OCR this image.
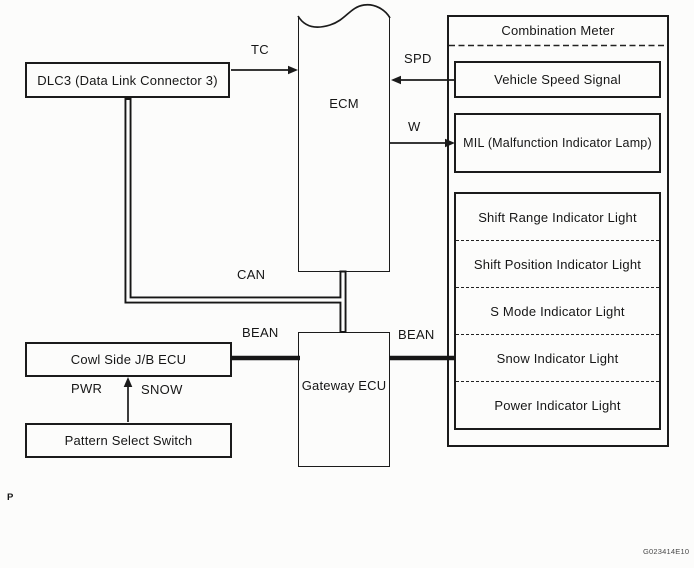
DLC3 (Data Link Connector 3)
ECM
Cowl Side J/B ECU
Pattern Select Switch
Gateway ECU
Combination Meter
Vehicle Speed Signal
MIL (Malfunction Indicator Lamp)
Shift Range Indicator Light
Shift Position Indicator Light
S Mode Indicator Light
Snow Indicator Light
Power Indicator Light
TC
SPD
W
CAN
BEAN	BEAN
PWR	SNOW
P
G023414E10
